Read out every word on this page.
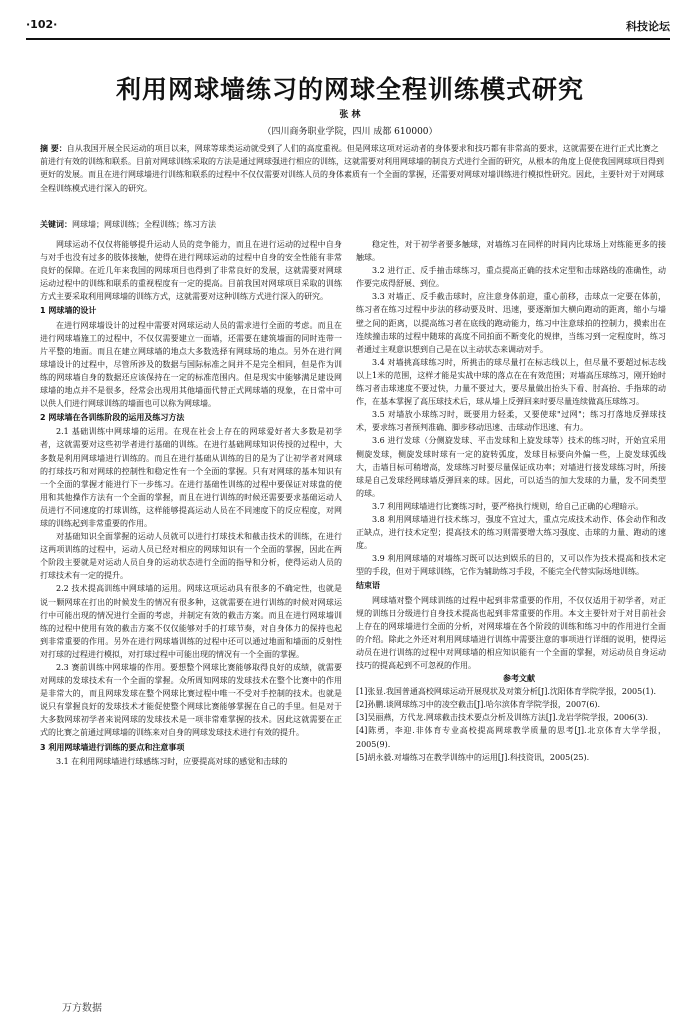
·102·	科技论坛
利用网球墙练习的网球全程训练模式研究
张 林
（四川商务职业学院，四川 成都 610000）
摘 要：自从我国开展全民运动的项目以来，网球等球类运动就受到了人们的高度重视。但是网球这项对运动者的身体要求和技巧都有非常高的要求，这就需要在进行正式比赛之前进行有效的训练和联系。目前对网球训练采取的方法是通过网球强进行相应的训练，这就需要对利用网球墙的制良方式进行全面的研究，从根本的角度上促使我国网球项目得到更好的发展。而且在进行网球墙进行训练和联系的过程中不仅仅需要对训练人员的身体素质有一个全面的掌握，还需要对网球对墙训练进行模拟性研究。因此，主要针对于对网球全程训练模式进行深入的研究。
关键词：网球墙；网球训练；全程训练；练习方法

网球运动不仅仅将能够提升运动人员的竞争能力，而且在进行运动的过程中自身与对手也没有过多的肢体接触，使得在进行网球运动的过程中自身的安全性能有非常良好的保障。在近几年来我国的网球项目也得到了非常良好的发展，这就需要对网球运动过程中的训练和联系的重视程度有一定的提高。目前我国对网球项目采取的训练方式主要采取利用网球墙的训练方式，这就需要对这种训练方式进行深入的研究。

1 网球墙的设计

在进行网球墙设计的过程中需要对网球运动人员的需求进行全面的考虑。而且在进行网球墙施工的过程中，不仅仅需要建立一面墙，还需要在建筑墙面的同时连带一片平整的地面。而且在建立网球墙的地点大多数选择有网球场的地点。另外在进行网球墙设计的过程中，尽管所涉及的数据与国际标准之间并不是完全相同，但是作为训练的网球墙自身的数据还应该保持在一定的标准范围内。但是现实中能够满足建设网球墙的地点并不是很多，经常会出现用其他墙面代替正式网球墙的现象，在日常中可以供人们进行网球训练的墙面也可以称为网球墙。

2 网球墙在各训练阶段的运用及练习方法

2.1 基础训练中网球墙的运用。在现在社会上存在的网球爱好者大多数是初学者，这就需要对这些初学者进行基础的训练。在进行基础网球知识传授的过程中，大多数是利用网球墙进行训练的。而且在进行基础从训练的目的是为了让初学者对网球的打球技巧和对网球的控制性和稳定性有一个全面的掌握。只有对网球的基本知识有一个全面的掌握才能进行下一步练习。在进行基础性训练的过程中要保证对球盘的使用和其他操作方法有一个全面的掌握，而且在进行训练的时候还需要要求基础运动人员进行不同速度的打球训练，这样能够提高运动人员在不同速度下的反应程度，对网球的训练起到非常重要的作用。

对基础知识全面掌握的运动人员就可以进行打球技术和截击技术的训练，在进行这两项训练的过程中，运动人员已经对相应的网球知识有一个全面的掌握，因此在两个阶段主要就是对运动人员自身的运动状态进行全面的指导和分析，使得运动人员的打球技术有一定的提升。

2.2 技术提高训练中网球墙的运用。网球这项运动具有很多的不确定性，也就是说一颗网球在打出的时候发生的情况有很多种，这就需要在进行训练的时候对网球运行中可能出现的情况进行全面的考虑，并制定有效的截击方案。而且在进行网球墙训练的过程中使用有效的截击方案不仅仅能够对手的打球节奏，对自身体力的保持也起到非常重要的作用。另外在进行网球墙训练的过程中还可以通过地面和墙面的反射性对打球的过程进行模拟，对打球过程中可能出现的情况有一个全面的掌握。

2.3 赛前训练中网球墙的作用。要想整个网球比赛能够取得良好的成绩，就需要对网球的发球技术有一个全面的掌握。众所周知网球的发球技术在整个比赛中的作用是非常大的，而且网球发球在整个网球比赛过程中唯一不受对手控制的技术。也就是说只有掌握良好的发球技术才能促使整个网球比赛能够掌握在自己的手里。但是对于大多数网球初学者来说网球的发球技术是一项非常难掌握的技术。因此这就需要在正式的比赛之前通过网球墙的训练来对自身的网球发球技术进行有效的提升。

3 利用网球墙进行训练的要点和注意事项

3.1 在利用网球墙进行球感练习时，应要提高对球的感觉和击球的

稳定性，对于初学者要多触球，对墙练习在同样的时间内比球场上对练能更多的接触球。

3.2 进行正、反手抽击球练习，重点提高正确的技术定型和击球路线的准确性，动作要完成得舒展、到位。

3.3 对墙正、反手截击球时，应注意身体前迎，重心前移，击球点一定要在体前，练习者在练习过程中步法的移动要及时、迅速，要逐渐加大横向跑动的距离，缩小与墙壁之间的距离，以提高练习者在底线的跑动能力，练习中注意球拍的控制力，摸索出在连续撞击球的过程中随球的高度不同拍面不断变化的规律，当练习到一定程度时，练习者通过主观意识想到自己是在以主动状态来调动对手。

3.4 对墙挑高球练习时，所挑击的球尽量打在标志线以上，但尽量不要超过标志线以上1米的范围，这样才能是实战中球的落点在在有效范围；对墙高压球练习，刚开始时练习者击球速度不要过快，力量不要过大，要尽量做出抬头下看、肘高抬、手指球的动作，在基本掌握了高压球技术后，球从墙上反弹回来时要尽量连续做高压球练习。

3.5 对墙放小球练习时，既要用力轻柔，又要使球"过网"；练习打落地反弹球技术，要求练习者预判准确、脚步移动迅速、击球动作迅速、有力。

3.6 进行发球（分侧旋发球、平击发球和上旋发球等）技术的练习时，开始宜采用侧旋发球，侧旋发球时球有一定的旋转弧度，发球目标要向外偏一些，上旋发球弧线大，击墙目标可稍增高，发球练习时要尽量保证成功率；对墙进行接发球练习时，所接球是自己发球经网球墙反弹回来的球。因此，可以适当的加大发球的力量，发不同类型的球。

3.7 利用网球墙进行比赛练习时，要严格执行规则，给自己正确的心理暗示。

3.8 利用网球墙进行技术练习，强度不宜过大，重点完成技术动作、体会动作和改正缺点，进行技术定型；提高技术的练习则需要增大练习强度、击球的力量、跑动的速度。

3.9 利用网球墙的对墙练习既可以达到娱乐的目的，又可以作为技术提高和技术定型的手段，但对于网球训练，它作为辅助练习手段，不能完全代替实际场地训练。

结束语

网球墙对整个网球训练的过程中起到非常重要的作用，不仅仅适用于初学者，对正规的训练日分级进行自身技术提高也起到非常重要的作用。本文主要针对于对目前社会上存在的网球墙进行全面的分析，对网球墙在各个阶段的训练和练习中的作用进行全面的介绍。除此之外还对利用网球墙进行训练中需要注意的事项进行详细的说明，使得运动员在进行训练的过程中对网球墙的相应知识能有一个全面的掌握，对运动员自身运动技巧的提高起到不可忽视的作用。

参考文献

[1]张显.我国普通高校网球运动开展现状及对策分析[J].沈阳体育学院学报，2005(1).

[2]孙鹏.谈网球练习中的凌空截击[J].哈尔滨体育学院学报，2007(6).

[3]吴丽燕，方代龙.网球截击技术要点分析及训练方法[J].龙岩学院学报，2006(3).

[4]陈勇，李迎.非体育专业高校提高网球教学质量的思考[J].北京体育大学学报，2005(9).

[5]胡永毅.对墙练习在教学训练中的运用[J].科技资讯，2005(25).

万方数据
